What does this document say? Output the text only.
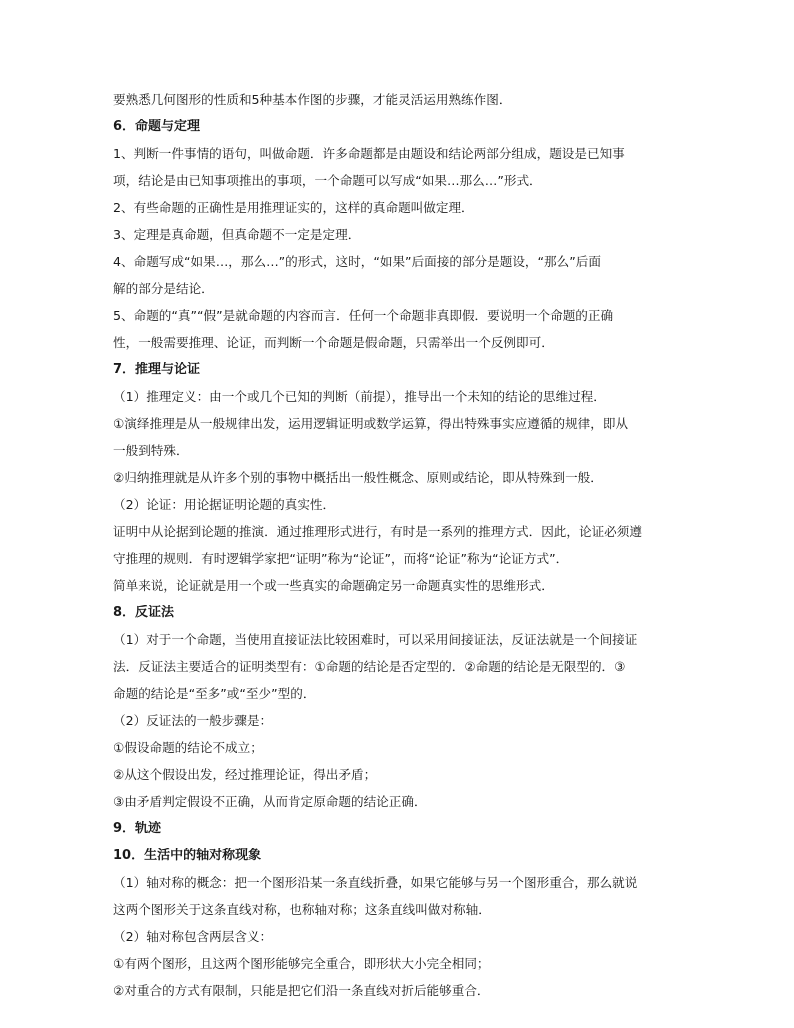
要熟悉几何图形的性质和5种基本作图的步骤，才能灵活运用熟练作图．
6．命题与定理
1、判断一件事情的语句，叫做命题．许多命题都是由题设和结论两部分组成，题设是已知事
项，结论是由已知事项推出的事项，一个命题可以写成“如果…那么…”形式．
2、有些命题的正确性是用推理证实的，这样的真命题叫做定理．
3、定理是真命题，但真命题不一定是定理．
4、命题写成“如果…，那么…”的形式，这时，“如果”后面接的部分是题设，“那么”后面
解的部分是结论．
5、命题的“真”“假”是就命题的内容而言．任何一个命题非真即假．要说明一个命题的正确
性，一般需要推理、论证，而判断一个命题是假命题，只需举出一个反例即可．
7．推理与论证
（1）推理定义：由一个或几个已知的判断（前提），推导出一个未知的结论的思维过程．
①演绎推理是从一般规律出发，运用逻辑证明或数学运算，得出特殊事实应遵循的规律，即从
一般到特殊．
②归纳推理就是从许多个别的事物中概括出一般性概念、原则或结论，即从特殊到一般．
（2）论证：用论据证明论题的真实性．
证明中从论据到论题的推演．通过推理形式进行，有时是一系列的推理方式．因此，论证必须遵
守推理的规则．有时逻辑学家把“证明”称为“论证”，而将“论证”称为“论证方式”．
简单来说，论证就是用一个或一些真实的命题确定另一命题真实性的思维形式．
8．反证法
（1）对于一个命题，当使用直接证法比较困难时，可以采用间接证法，反证法就是一个间接证
法．反证法主要适合的证明类型有：①命题的结论是否定型的．②命题的结论是无限型的．③
命题的结论是“至多”或“至少”型的．
（2）反证法的一般步骤是：
①假设命题的结论不成立；
②从这个假设出发，经过推理论证，得出矛盾；
③由矛盾判定假设不正确，从而肯定原命题的结论正确．
9．轨迹
10．生活中的轴对称现象
（1）轴对称的概念：把一个图形沿某一条直线折叠，如果它能够与另一个图形重合，那么就说
这两个图形关于这条直线对称，也称轴对称；这条直线叫做对称轴．
（2）轴对称包含两层含义：
①有两个图形，且这两个图形能够完全重合，即形状大小完全相同；
②对重合的方式有限制，只能是把它们沿一条直线对折后能够重合．
